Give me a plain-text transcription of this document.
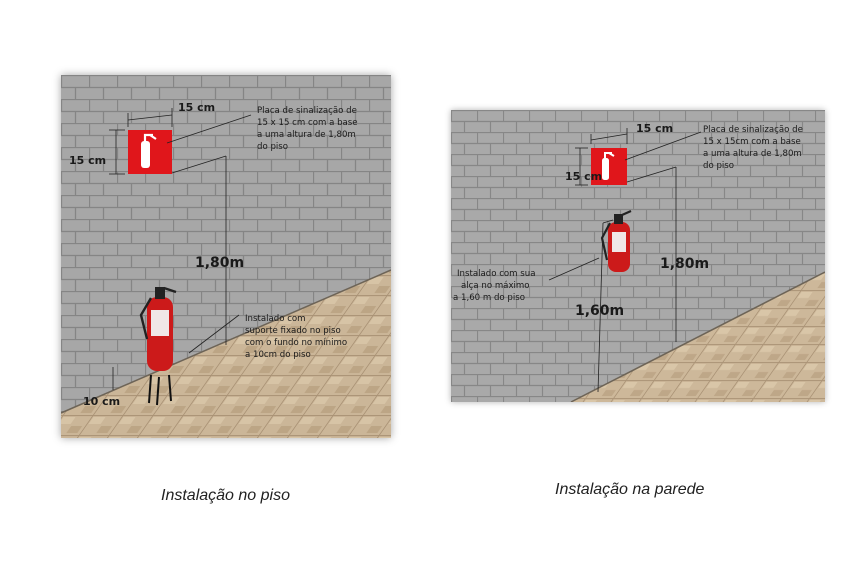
15 cm
15 cm
Placa de sinalização de
15 x 15 cm com a base
a uma altura de 1,80m
do piso
1,80m
Instalado com
suporte fixado no piso
com o fundo no mínimo
a 10cm do piso
10 cm
15 cm
15 cm
Placa de sinalização de
15 x 15cm com a base
a uma altura de 1,80m
do piso
1,80m
Instalado com sua
alça no máximo
a 1,60 m do piso
1,60m
Instalação no piso	Instalação na parede
